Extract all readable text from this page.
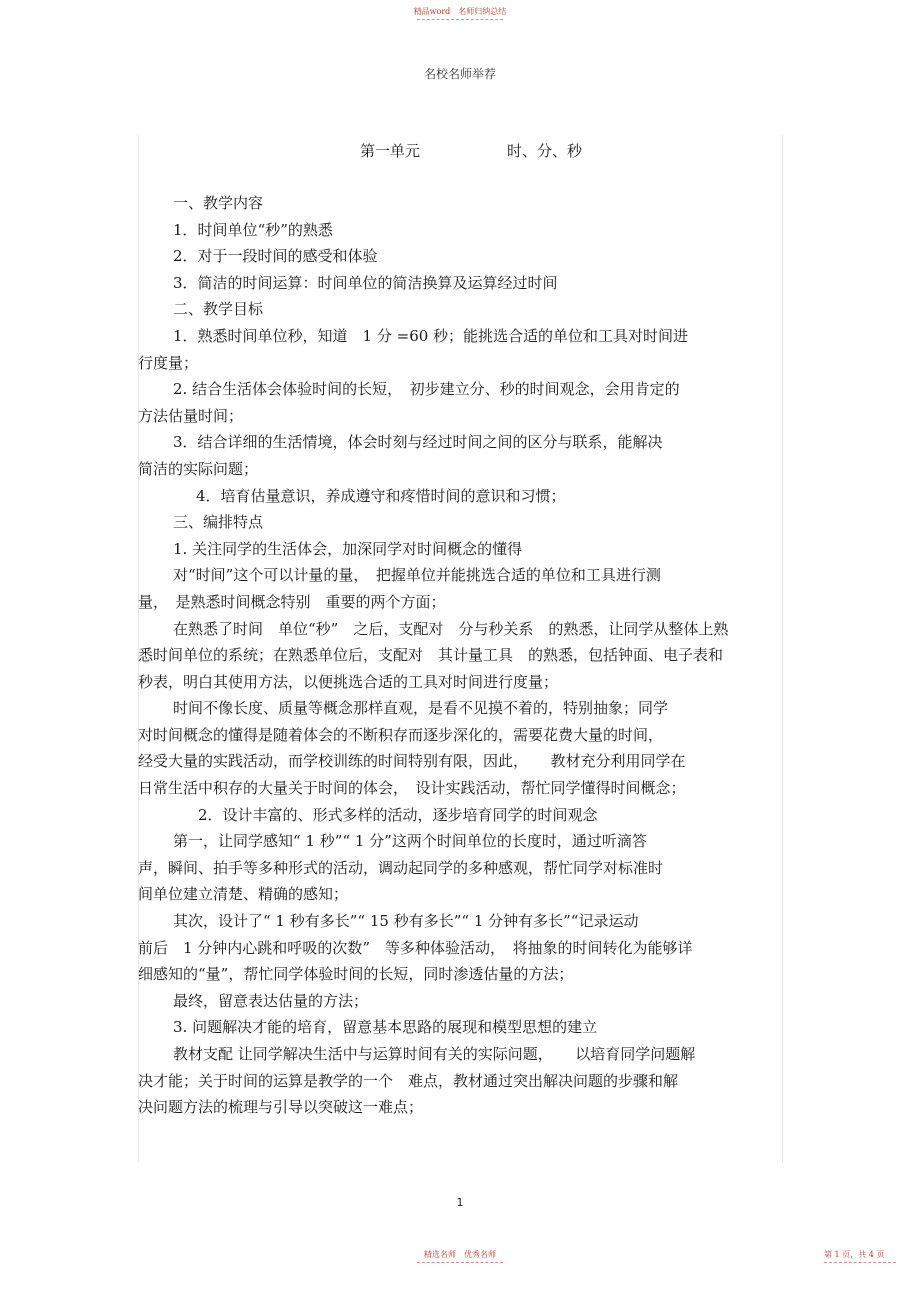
精品word　名师归纳总结
名校名师举荐
第一单元	时、分、秒

一、教学内容

1．时间单位“秒”的熟悉

2．对于一段时间的感受和体验

3．简洁的时间运算：时间单位的简洁换算及运算经过时间

二、教学目标

1．熟悉时间单位秒，知道　1 分 =60 秒；能挑选合适的单位和工具对时间进

行度量；

2. 结合生活体会体验时间的长短，　初步建立分、秒的时间观念，会用肯定的

方法估量时间；

3．结合详细的生活情境，体会时刻与经过时间之间的区分与联系，能解决

简洁的实际问题；

4．培育估量意识，养成遵守和疼惜时间的意识和习惯；

三、编排特点

1. 关注同学的生活体会，加深同学对时间概念的懂得

对“时间”这个可以计量的量，　把握单位并能挑选合适的单位和工具进行测

量，　是熟悉时间概念特别　重要的两个方面；

在熟悉了时间　单位“秒”　之后，支配对　分与秒关系　的熟悉，让同学从整体上熟

悉时间单位的系统；在熟悉单位后，支配对　其计量工具　的熟悉，包括钟面、电子表和

秒表，明白其使用方法，以便挑选合适的工具对时间进行度量；

时间不像长度、质量等概念那样直观，是看不见摸不着的，特别抽象；同学

对时间概念的懂得是随着体会的不断积存而逐步深化的，需要花费大量的时间，

经受大量的实践活动，而学校训练的时间特别有限，因此，　　教材充分利用同学在

日常生活中积存的大量关于时间的体会，　设计实践活动，帮忙同学懂得时间概念；

2．设计丰富的、形式多样的活动，逐步培育同学的时间观念

第一，让同学感知“ 1 秒”“ 1 分”这两个时间单位的长度时，通过听滴答

声，瞬间、拍手等多种形式的活动，调动起同学的多种感观，帮忙同学对标准时

间单位建立清楚、精确的感知；

其次，设计了“ 1 秒有多长”“ 15 秒有多长”“ 1 分钟有多长”“记录运动

前后　1 分钟内心跳和呼吸的次数”　等多种体验活动，　将抽象的时间转化为能够详

细感知的“量”，帮忙同学体验时间的长短，同时渗透估量的方法；

最终，留意表达估量的方法；

3. 问题解决才能的培育，留意基本思路的展现和模型思想的建立

教材支配 让同学解决生活中与运算时间有关的实际问题，　　以培育同学问题解

决才能；关于时间的运算是教学的一个　难点，教材通过突出解决问题的步骤和解

决问题方法的梳理与引导以突破这一难点；

1
精选名师　优秀名师	第 1 页，共 4 页
